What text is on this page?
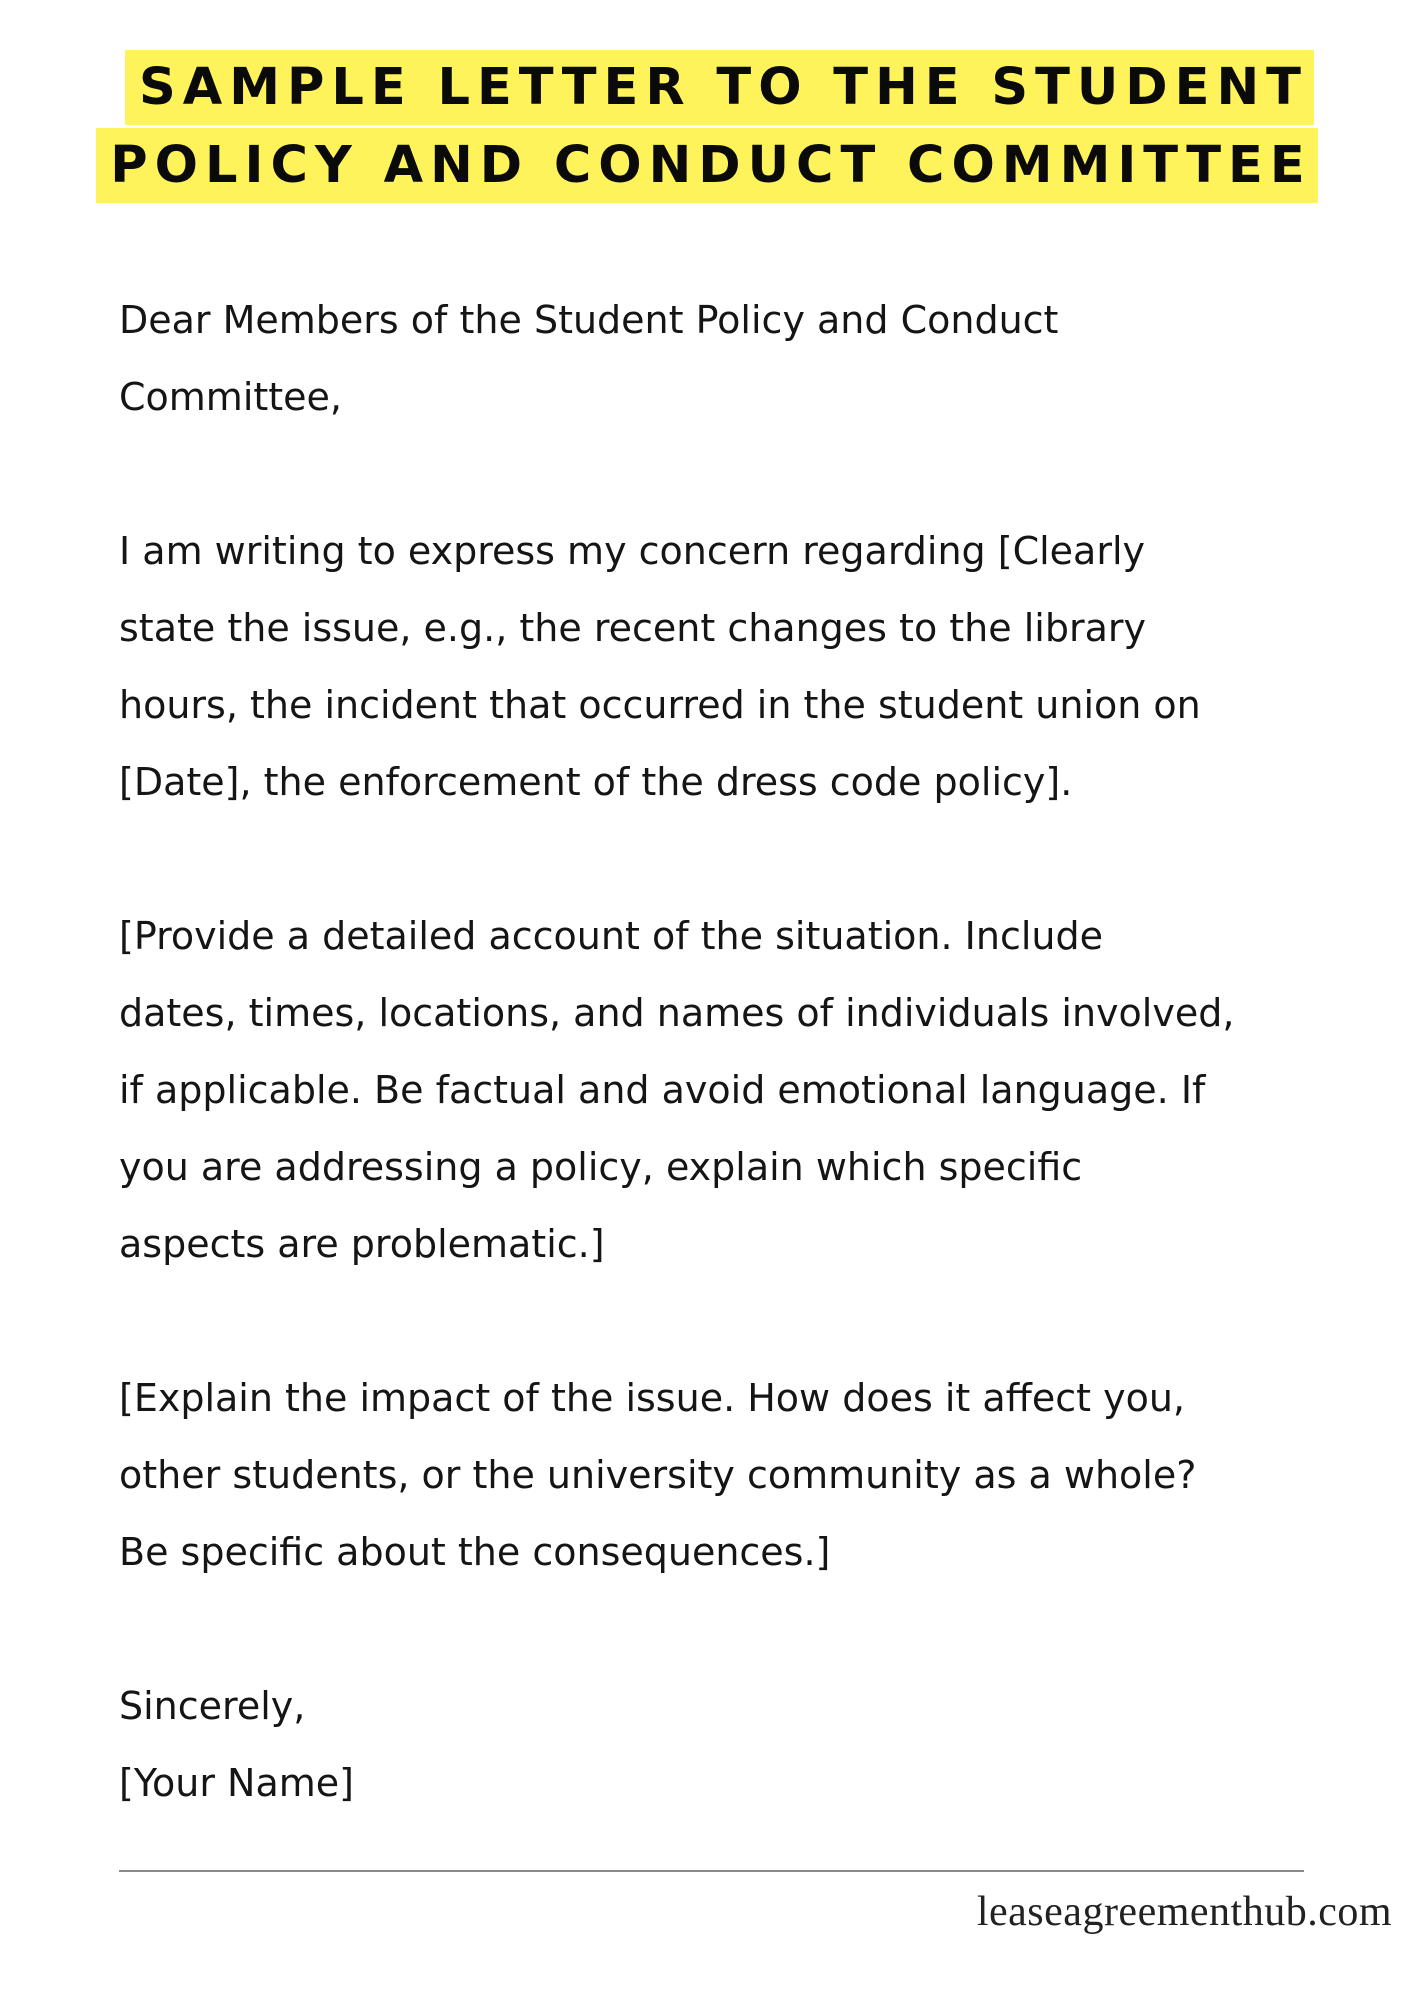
SAMPLE LETTER TO THE STUDENT
POLICY AND CONDUCT COMMITTEE

Dear Members of the Student Policy and Conduct
Committee,

I am writing to express my concern regarding [Clearly
state the issue, e.g., the recent changes to the library
hours, the incident that occurred in the student union on
[Date], the enforcement of the dress code policy].

[Provide a detailed account of the situation. Include
dates, times, locations, and names of individuals involved,
if applicable. Be factual and avoid emotional language. If
you are addressing a policy, explain which specific
aspects are problematic.]

[Explain the impact of the issue. How does it affect you,
other students, or the university community as a whole?
Be specific about the consequences.]

Sincerely,
[Your Name]

leaseagreementhub.com
